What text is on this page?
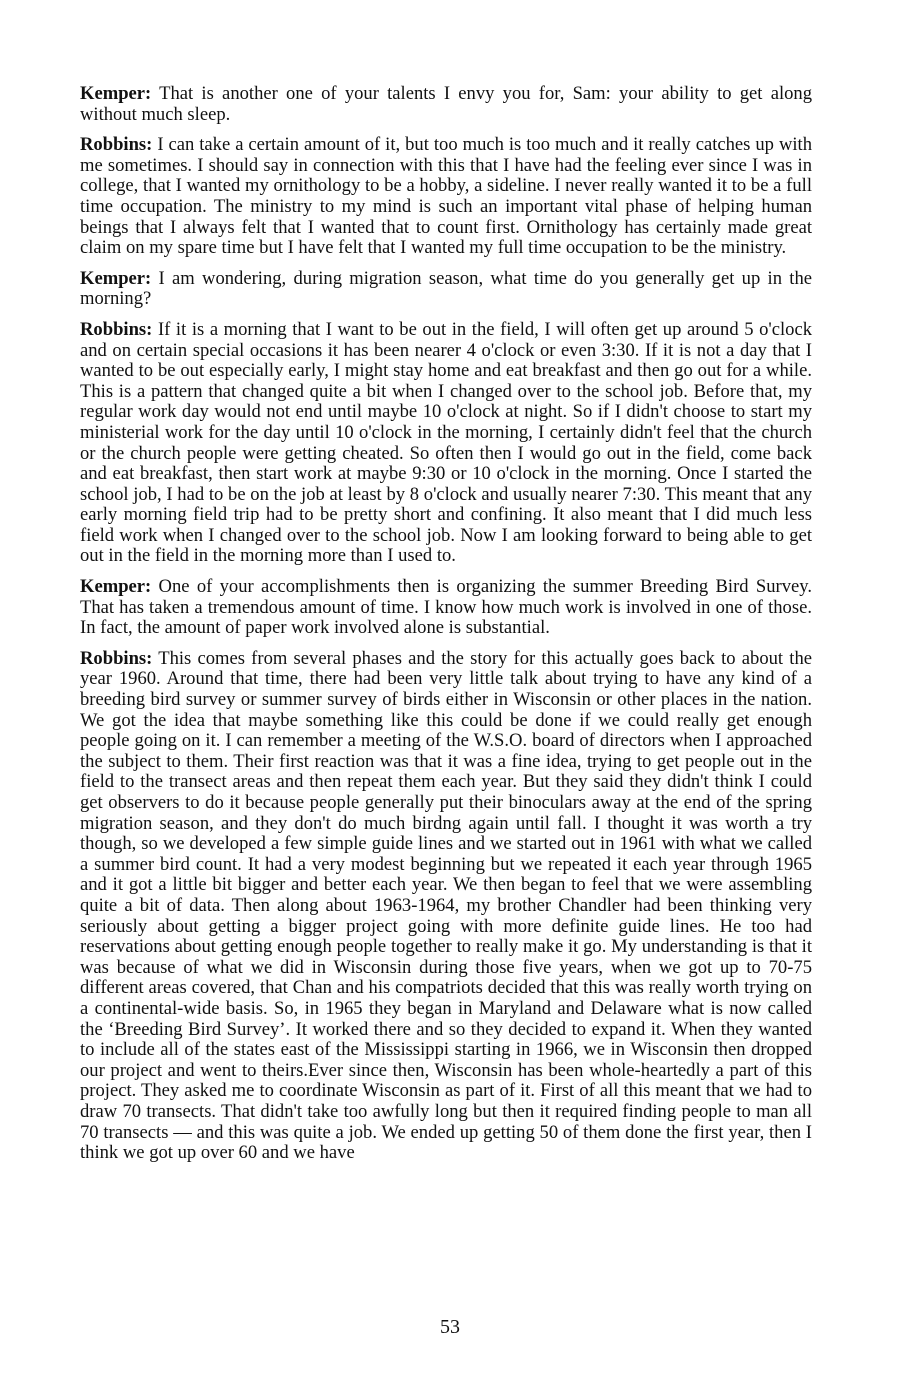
Kemper: That is another one of your talents I envy you for, Sam: your ability to get along without much sleep.

Robbins: I can take a certain amount of it, but too much is too much and it really catches up with me sometimes. I should say in connection with this that I have had the feeling ever since I was in college, that I wanted my ornithology to be a hobby, a sideline. I never really wanted it to be a full time occupation. The ministry to my mind is such an important vital phase of helping human beings that I always felt that I wanted that to count first. Ornithology has certainly made great claim on my spare time but I have felt that I wanted my full time occupation to be the ministry.

Kemper: I am wondering, during migration season, what time do you generally get up in the morning?

Robbins: If it is a morning that I want to be out in the field, I will often get up around 5 o'clock and on certain special occasions it has been nearer 4 o'clock or even 3:30. If it is not a day that I wanted to be out especially early, I might stay home and eat breakfast and then go out for a while. This is a pattern that changed quite a bit when I changed over to the school job. Before that, my regular work day would not end until maybe 10 o'clock at night. So if I didn't choose to start my ministerial work for the day until 10 o'clock in the morning, I certainly didn't feel that the church or the church people were getting cheated. So often then I would go out in the field, come back and eat breakfast, then start work at maybe 9:30 or 10 o'clock in the morning. Once I started the school job, I had to be on the job at least by 8 o'clock and usually nearer 7:30. This meant that any early morning field trip had to be pretty short and confining. It also meant that I did much less field work when I changed over to the school job. Now I am looking forward to being able to get out in the field in the morning more than I used to.

Kemper: One of your accomplishments then is organizing the summer Breeding Bird Survey. That has taken a tremendous amount of time. I know how much work is involved in one of those. In fact, the amount of paper work involved alone is substantial.

Robbins: This comes from several phases and the story for this actually goes back to about the year 1960. Around that time, there had been very little talk about trying to have any kind of a breeding bird survey or summer survey of birds either in Wisconsin or other places in the nation. We got the idea that maybe something like this could be done if we could really get enough people going on it. I can remember a meeting of the W.S.O. board of directors when I approached the subject to them. Their first reaction was that it was a fine idea, trying to get people out in the field to the transect areas and then repeat them each year. But they said they didn't think I could get observers to do it because people generally put their binoculars away at the end of the spring migration season, and they don't do much birdng again until fall. I thought it was worth a try though, so we developed a few simple guide lines and we started out in 1961 with what we called a summer bird count. It had a very modest beginning but we repeated it each year through 1965 and it got a little bit bigger and better each year. We then began to feel that we were assembling quite a bit of data. Then along about 1963-1964, my brother Chandler had been thinking very seriously about getting a bigger project going with more definite guide lines. He too had reservations about getting enough people together to really make it go. My understanding is that it was because of what we did in Wisconsin during those five years, when we got up to 70-75 different areas covered, that Chan and his compatriots decided that this was really worth trying on a continental-wide basis. So, in 1965 they began in Maryland and Delaware what is now called the ‘Breeding Bird Survey’. It worked there and so they decided to expand it. When they wanted to include all of the states east of the Mississippi starting in 1966, we in Wisconsin then dropped our project and went to theirs.Ever since then, Wisconsin has been whole-heartedly a part of this project. They asked me to coordinate Wisconsin as part of it. First of all this meant that we had to draw 70 transects. That didn't take too awfully long but then it required finding people to man all 70 transects — and this was quite a job. We ended up getting 50 of them done the first year, then I think we got up over 60 and we have

53
